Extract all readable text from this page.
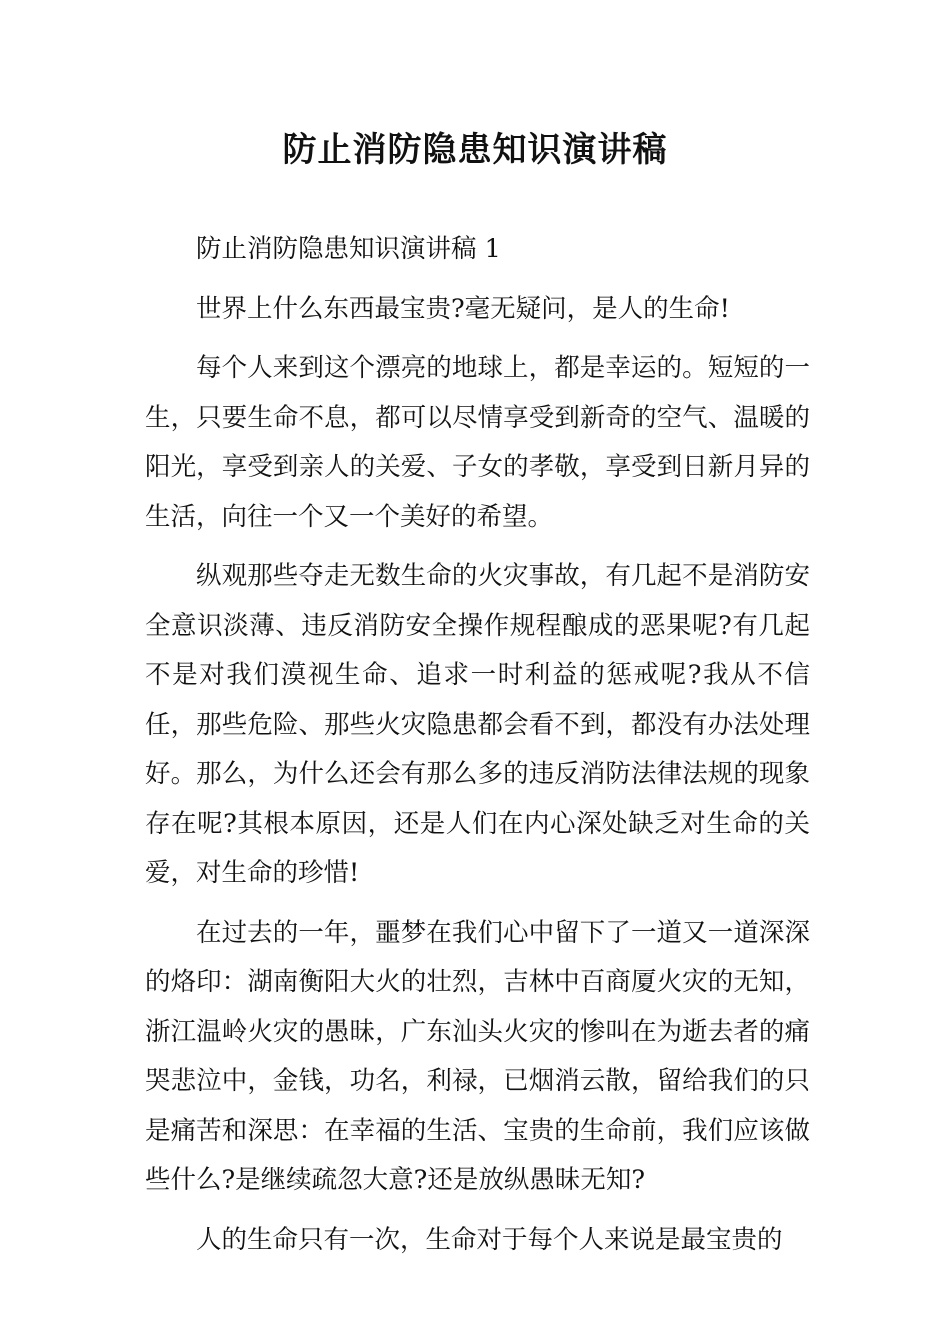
防止消防隐患知识演讲稿

防止消防隐患知识演讲稿 1

世界上什么东西最宝贵?毫无疑问，是人的生命!

每个人来到这个漂亮的地球上，都是幸运的。短短的一生，只要生命不息，都可以尽情享受到新奇的空气、温暖的阳光，享受到亲人的关爱、子女的孝敬，享受到日新月异的生活，向往一个又一个美好的希望。

纵观那些夺走无数生命的火灾事故，有几起不是消防安全意识淡薄、违反消防安全操作规程酿成的恶果呢?有几起不是对我们漠视生命、追求一时利益的惩戒呢?我从不信任，那些危险、那些火灾隐患都会看不到，都没有办法处理好。那么，为什么还会有那么多的违反消防法律法规的现象存在呢?其根本原因，还是人们在内心深处缺乏对生命的关爱，对生命的珍惜!

在过去的一年，噩梦在我们心中留下了一道又一道深深的烙印：湖南衡阳大火的壮烈，吉林中百商厦火灾的无知，浙江温岭火灾的愚昧，广东汕头火灾的惨叫在为逝去者的痛哭悲泣中，金钱，功名，利禄，已烟消云散，留给我们的只是痛苦和深思：在幸福的生活、宝贵的生命前，我们应该做些什么?是继续疏忽大意?还是放纵愚昧无知?

人的生命只有一次，生命对于每个人来说是最宝贵的
